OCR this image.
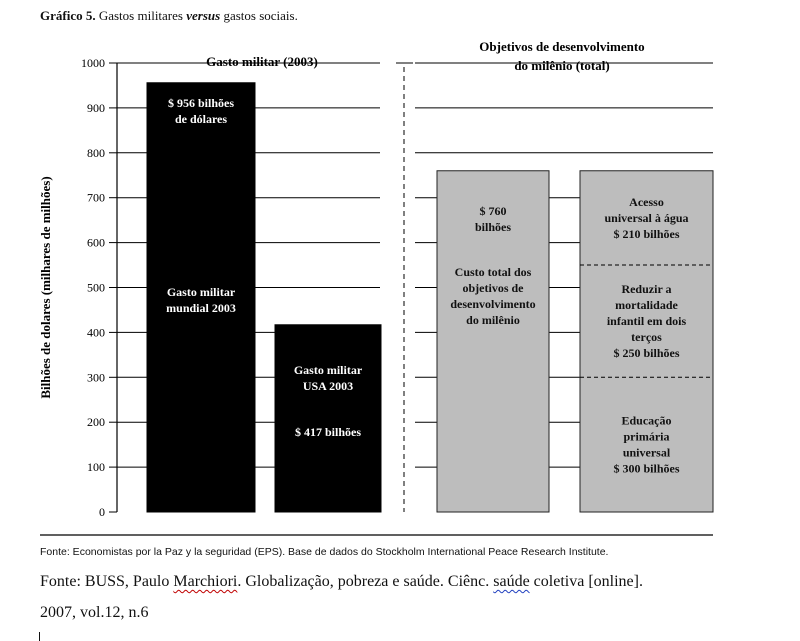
Gráfico 5. Gastos militares versus gastos sociais.
0
100
200
300
400
500
600
700
800
900
1000
Bilhões de dolares (milhares de milhões)
Gasto militar (2003)
Objetivos de desenvolvimento
do milênio (total)
$ 956 bilhões
de dólares
Gasto militar
mundial 2003
Gasto militar
USA 2003
$ 417 bilhões
$ 760
bilhões
Custo total dos
objetivos de
desenvolvimento
do milênio
Educação
primária
universal
$ 300 bilhões
Reduzir a
mortalidade
infantil em dois
terços
$ 250 bilhões
Acesso
universal à água
$ 210 bilhões
Fonte: Economistas por la Paz y la seguridad (EPS). Base de dados do Stockholm International Peace Research Institute.
Fonte: BUSS, Paulo Marchiori. Globalização, pobreza e saúde. Ciênc. saúde coletiva [online].
2007, vol.12, n.6
